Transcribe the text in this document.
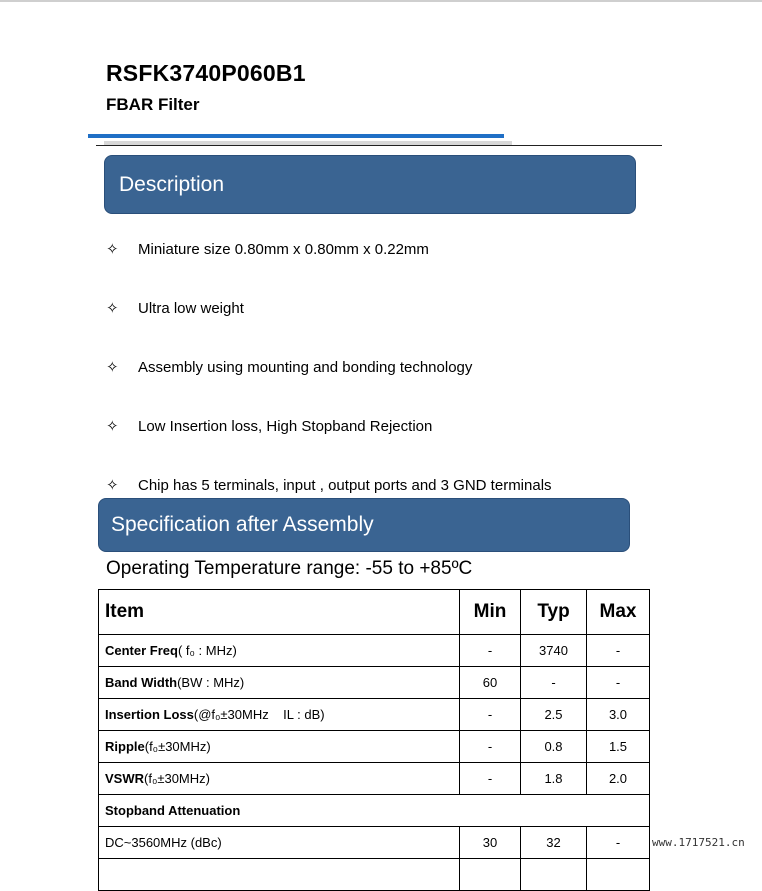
RSFK3740P060B1
FBAR Filter
Description
✧	Miniature size 0.80mm x 0.80mm x 0.22mm
✧	Ultra low weight
✧	Assembly using mounting and bonding technology
✧	Low Insertion loss, High Stopband Rejection
✧	Chip has 5 terminals, input , output ports and 3 GND terminals
Specification after Assembly
Operating Temperature range: -55 to +85ºC
Item	Min	Typ	Max
Center Freq( f₀ : MHz)	-	3740	-
Band Width(BW : MHz)	60	-	-
Insertion Loss(@f₀±30MHz    IL : dB)	-	2.5	3.0
Ripple(f₀±30MHz)	-	0.8	1.5
VSWR(f₀±30MHz)	-	1.8	2.0
Stopband Attenuation			
DC~3560MHz (dBc)	30	32	-
				www.1717521.cn
